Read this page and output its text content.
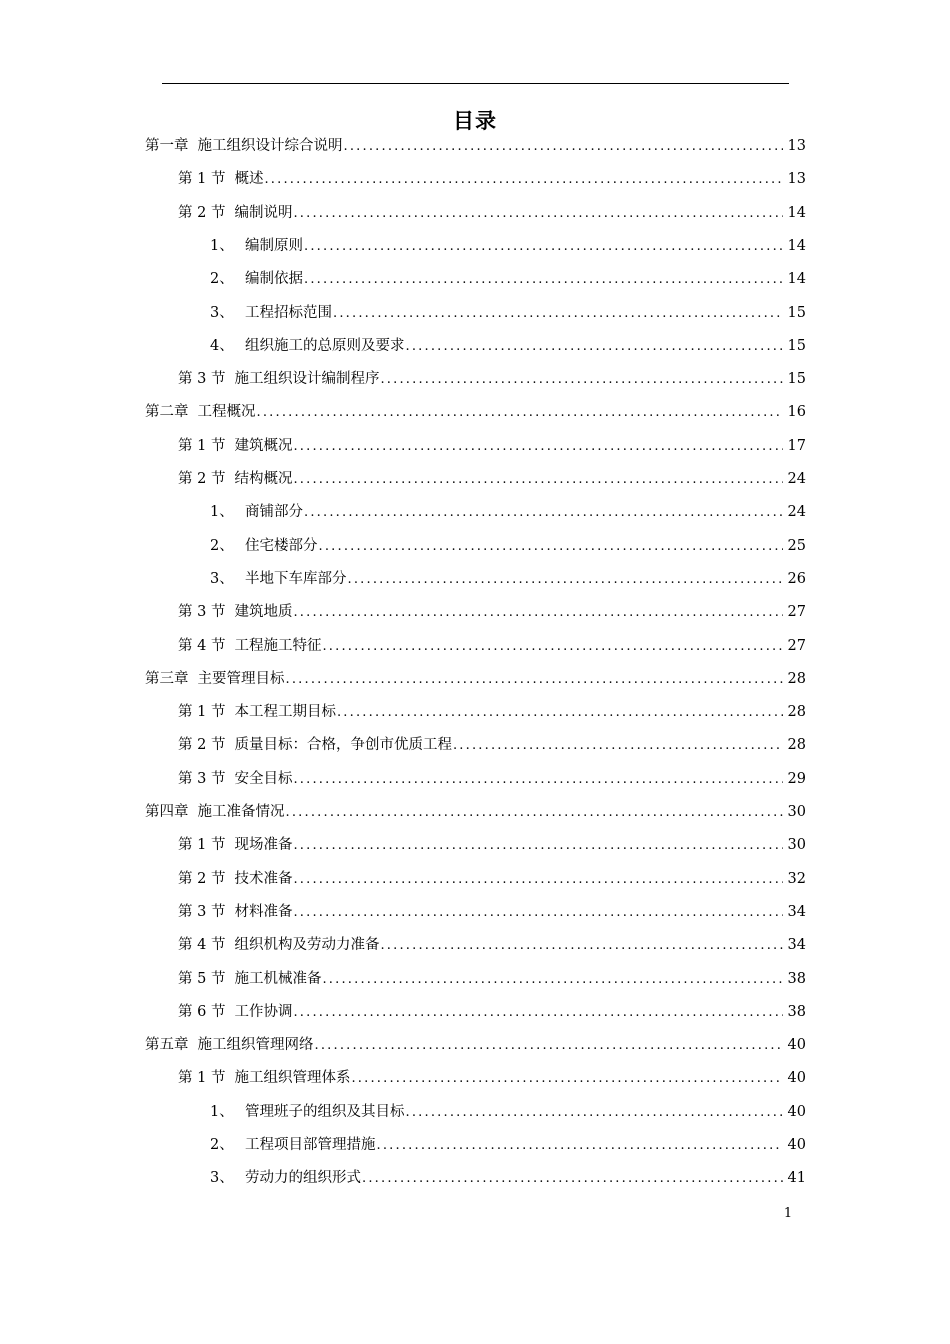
目录
第一章 施工组织设计综合说明 .....	13
第 1 节 概述 .....	13
第 2 节 编制说明 .....	14
1、 编制原则 .....	14
2、 编制依据 .....	14
3、 工程招标范围 .....	15
4、 组织施工的总原则及要求 .....	15
第 3 节 施工组织设计编制程序 .....	15
第二章 工程概况 .....	16
第 1 节 建筑概况 .....	17
第 2 节 结构概况 .....	24
1、 商铺部分 .....	24
2、 住宅楼部分 .....	25
3、 半地下车库部分 .....	26
第 3 节 建筑地质 .....	27
第 4 节 工程施工特征 .....	27
第三章 主要管理目标 .....	28
第 1 节 本工程工期目标 .....	28
第 2 节 质量目标：合格，争创市优质工程 .....	28
第 3 节 安全目标 .....	29
第四章 施工准备情况 .....	30
第 1 节 现场准备 .....	30
第 2 节 技术准备 .....	32
第 3 节 材料准备 .....	34
第 4 节 组织机构及劳动力准备 .....	34
第 5 节 施工机械准备 .....	38
第 6 节 工作协调 .....	38
第五章 施工组织管理网络 .....	40
第 1 节 施工组织管理体系 .....	40
1、 管理班子的组织及其目标 .....	40
2、 工程项目部管理措施 .....	40
3、 劳动力的组织形式 .....	41
1
